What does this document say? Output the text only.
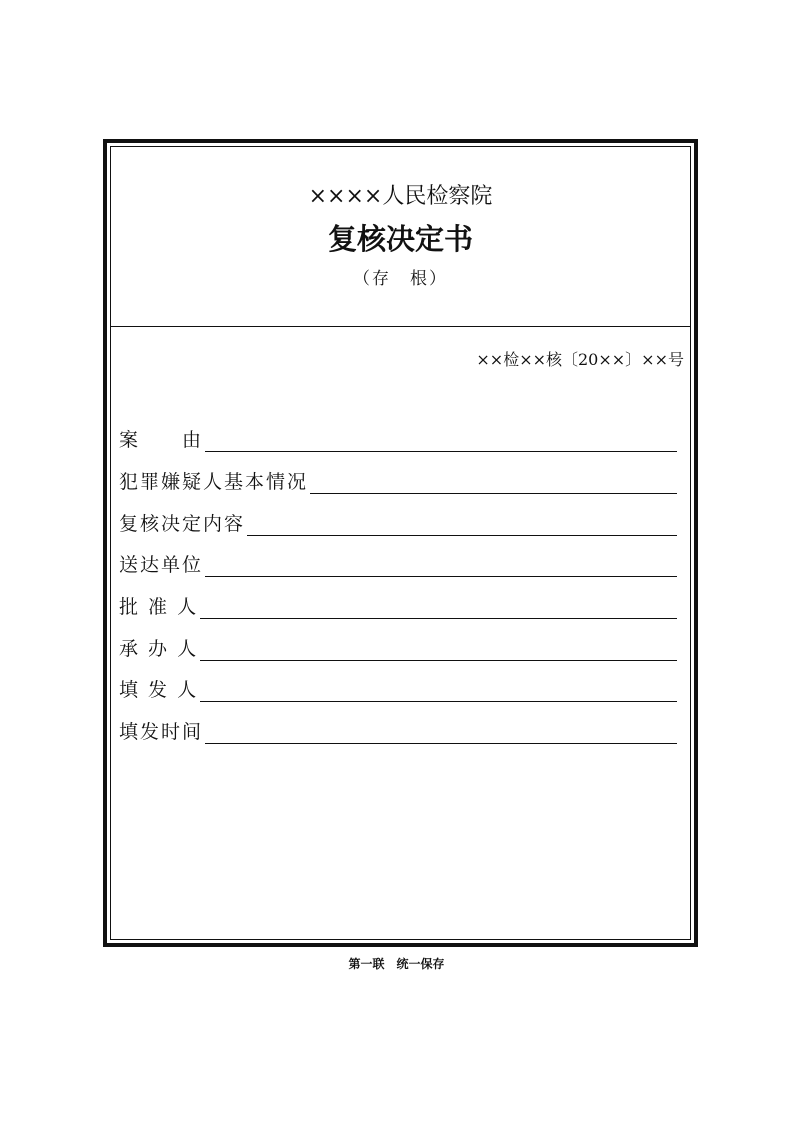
××××人民检察院
复核决定书
（存　根）
××检××核〔20××〕××号
案　　由
犯罪嫌疑人基本情况
复核决定内容
送达单位
批 准 人
承 办 人
填 发 人
填发时间
第一联　统一保存
